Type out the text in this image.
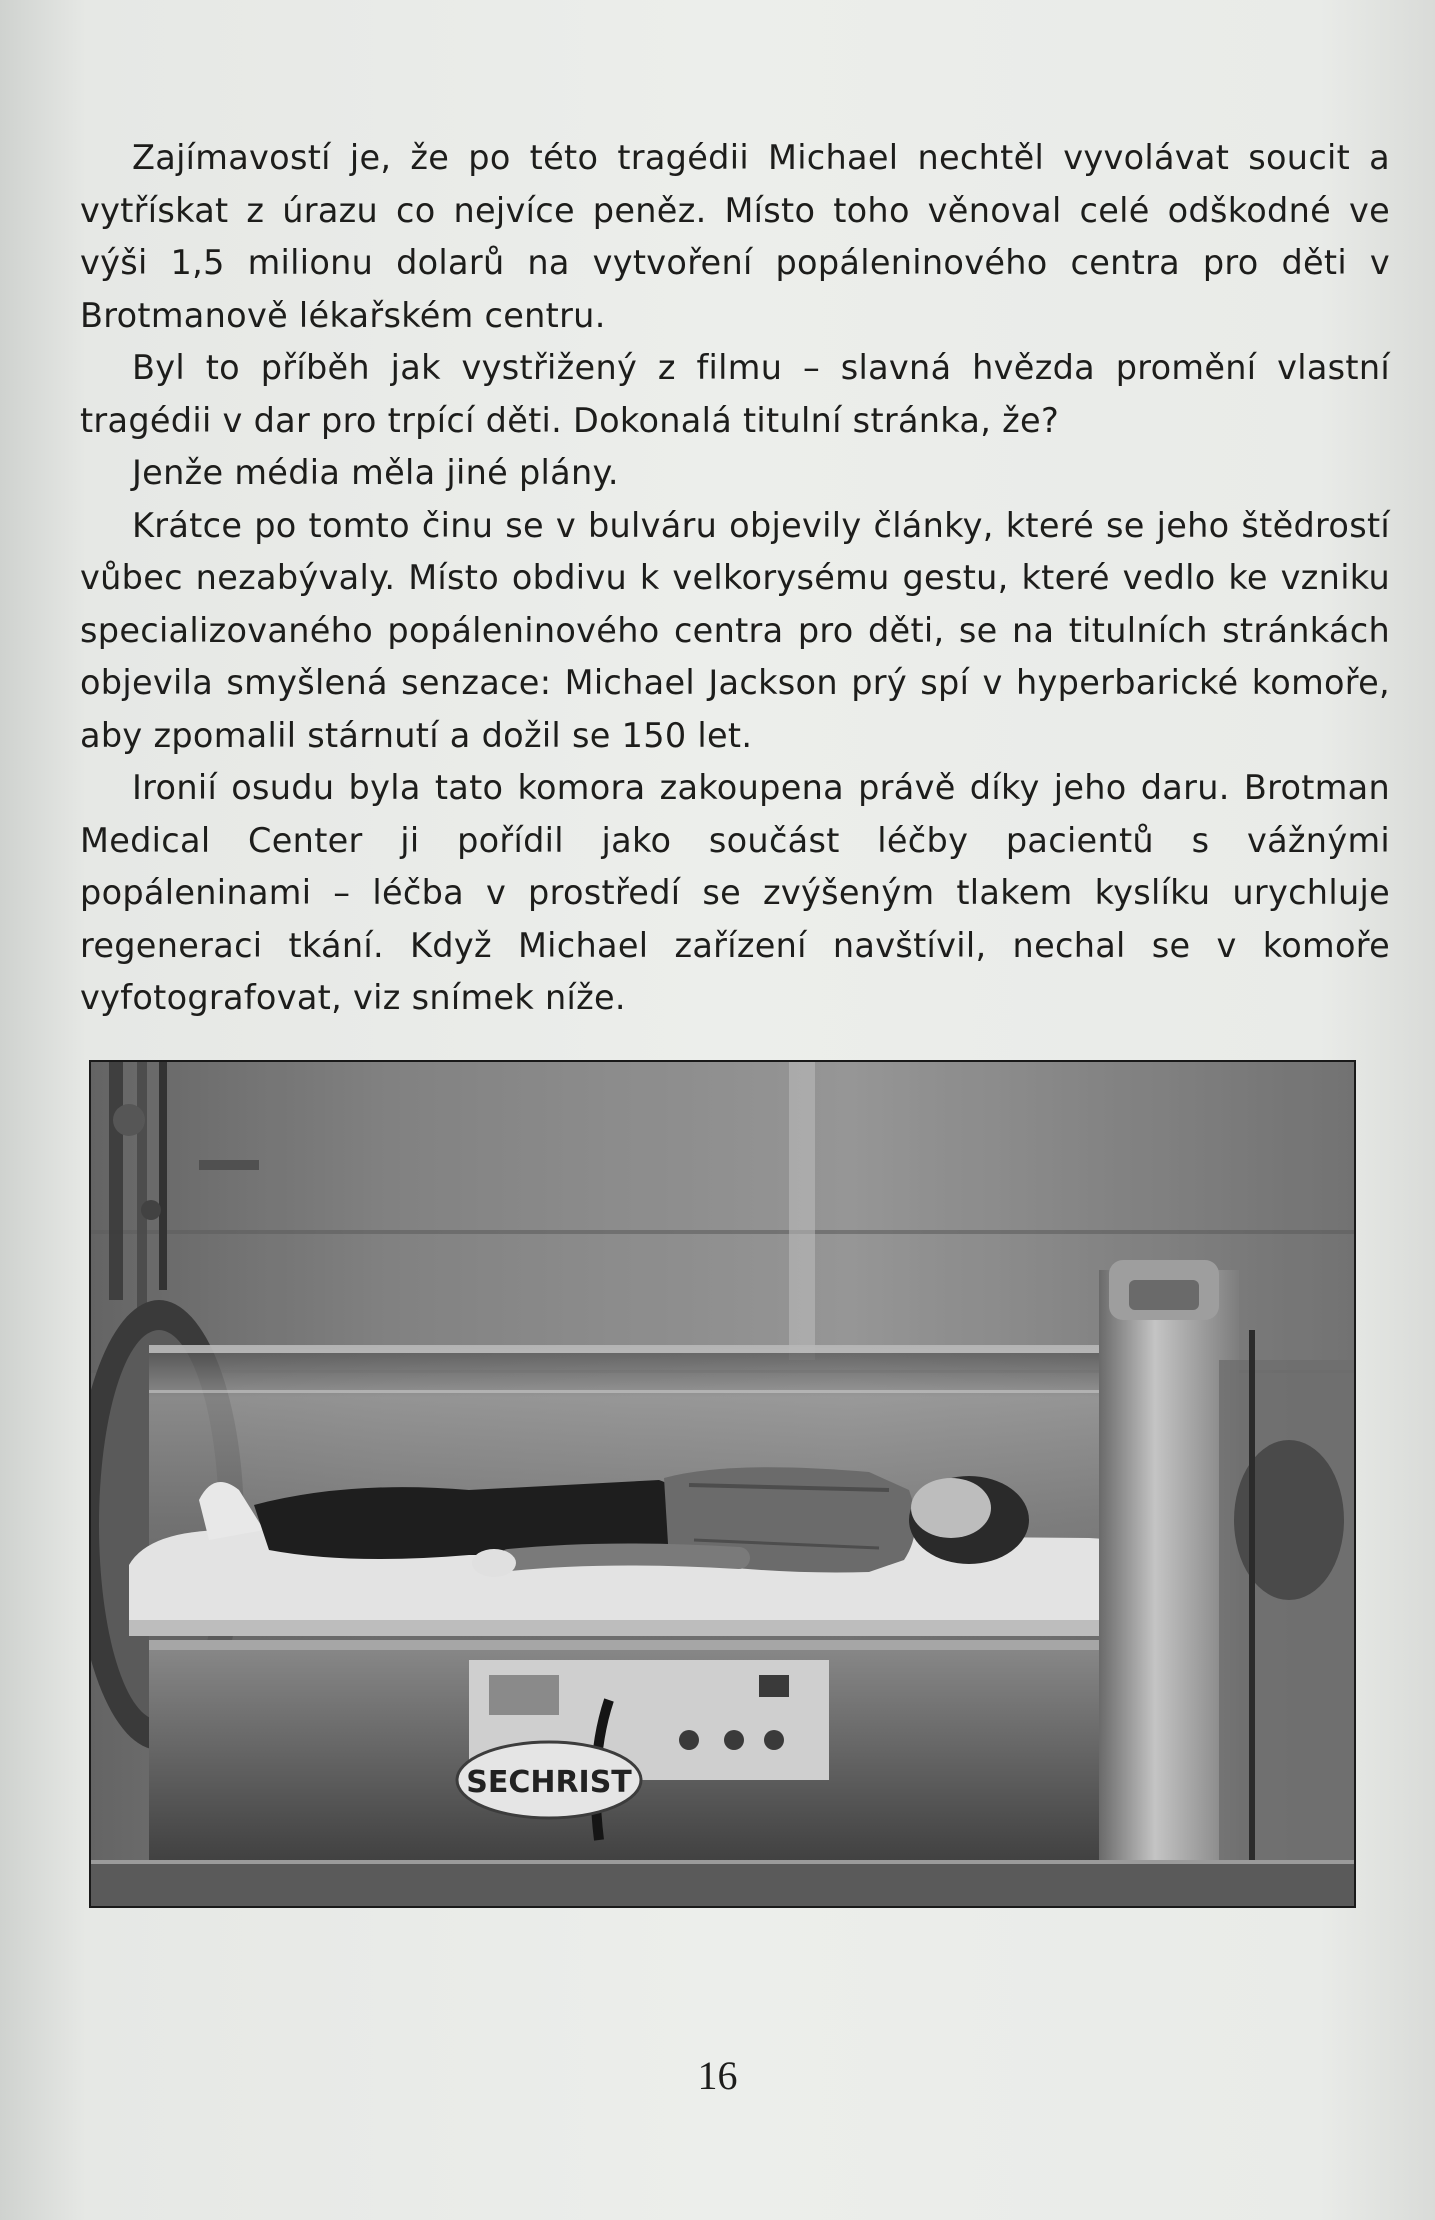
Zajímavostí je, že po této tragédii Michael nechtěl vyvolávat soucit a vytřískat z úrazu co nejvíce peněz. Místo toho věnoval celé odškodné ve výši 1,5 milionu dolarů na vytvoření popáleninového centra pro děti v Brotmanově lékařském centru.

Byl to příběh jak vystřižený z filmu – slavná hvězda promění vlastní tragédii v dar pro trpící děti. Dokonalá titulní stránka, že?

Jenže média měla jiné plány.

Krátce po tomto činu se v bulváru objevily články, které se jeho štědrostí vůbec nezabývaly. Místo obdivu k velkorysému gestu, které vedlo ke vzniku specializovaného popáleninového centra pro děti, se na titulních stránkách objevila smyšlená senzace: Michael Jackson prý spí v hyperbarické komoře, aby zpomalil stárnutí a dožil se 150 let.

Ironií osudu byla tato komora zakoupena právě díky jeho daru. Brotman Medical Center ji pořídil jako součást léčby pacientů s vážnými popáleninami – léčba v prostředí se zvýšeným tlakem kyslíku urychluje regeneraci tkání. Když Michael zařízení navštívil, nechal se v komoře vyfotografovat, viz snímek níže.

SECHRIST
16
